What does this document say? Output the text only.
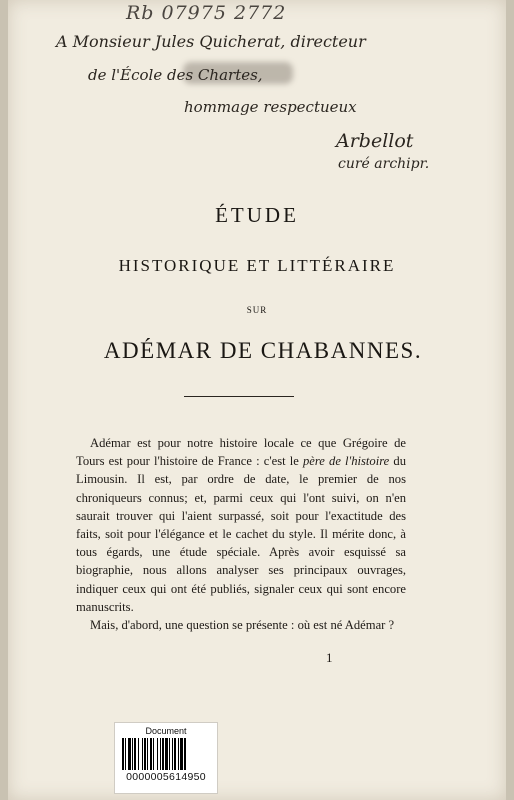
Rb 07975 2772
A Monsieur Jules Quicherat, directeur
de l'École des Chartes,
hommage respectueux
Arbellot
curé archipr.
ÉTUDE
HISTORIQUE ET LITTÉRAIRE
SUR
ADÉMAR DE CHABANNES.

Adémar est pour notre histoire locale ce que Grégoire de Tours est pour l'histoire de France : c'est le père de l'histoire du Limousin. Il est, par ordre de date, le premier de nos chroniqueurs connus; et, parmi ceux qui l'ont suivi, on n'en saurait trouver qui l'aient surpassé, soit pour l'exactitude des faits, soit pour l'élégance et le cachet du style. Il mérite donc, à tous égards, une étude spéciale. Après avoir esquissé sa biographie, nous allons analyser ses principaux ouvrages, indiquer ceux qui ont été publiés, signaler ceux qui sont encore manuscrits.

Mais, d'abord, une question se présente : où est né Adémar ?

1
Document
0000005614950
